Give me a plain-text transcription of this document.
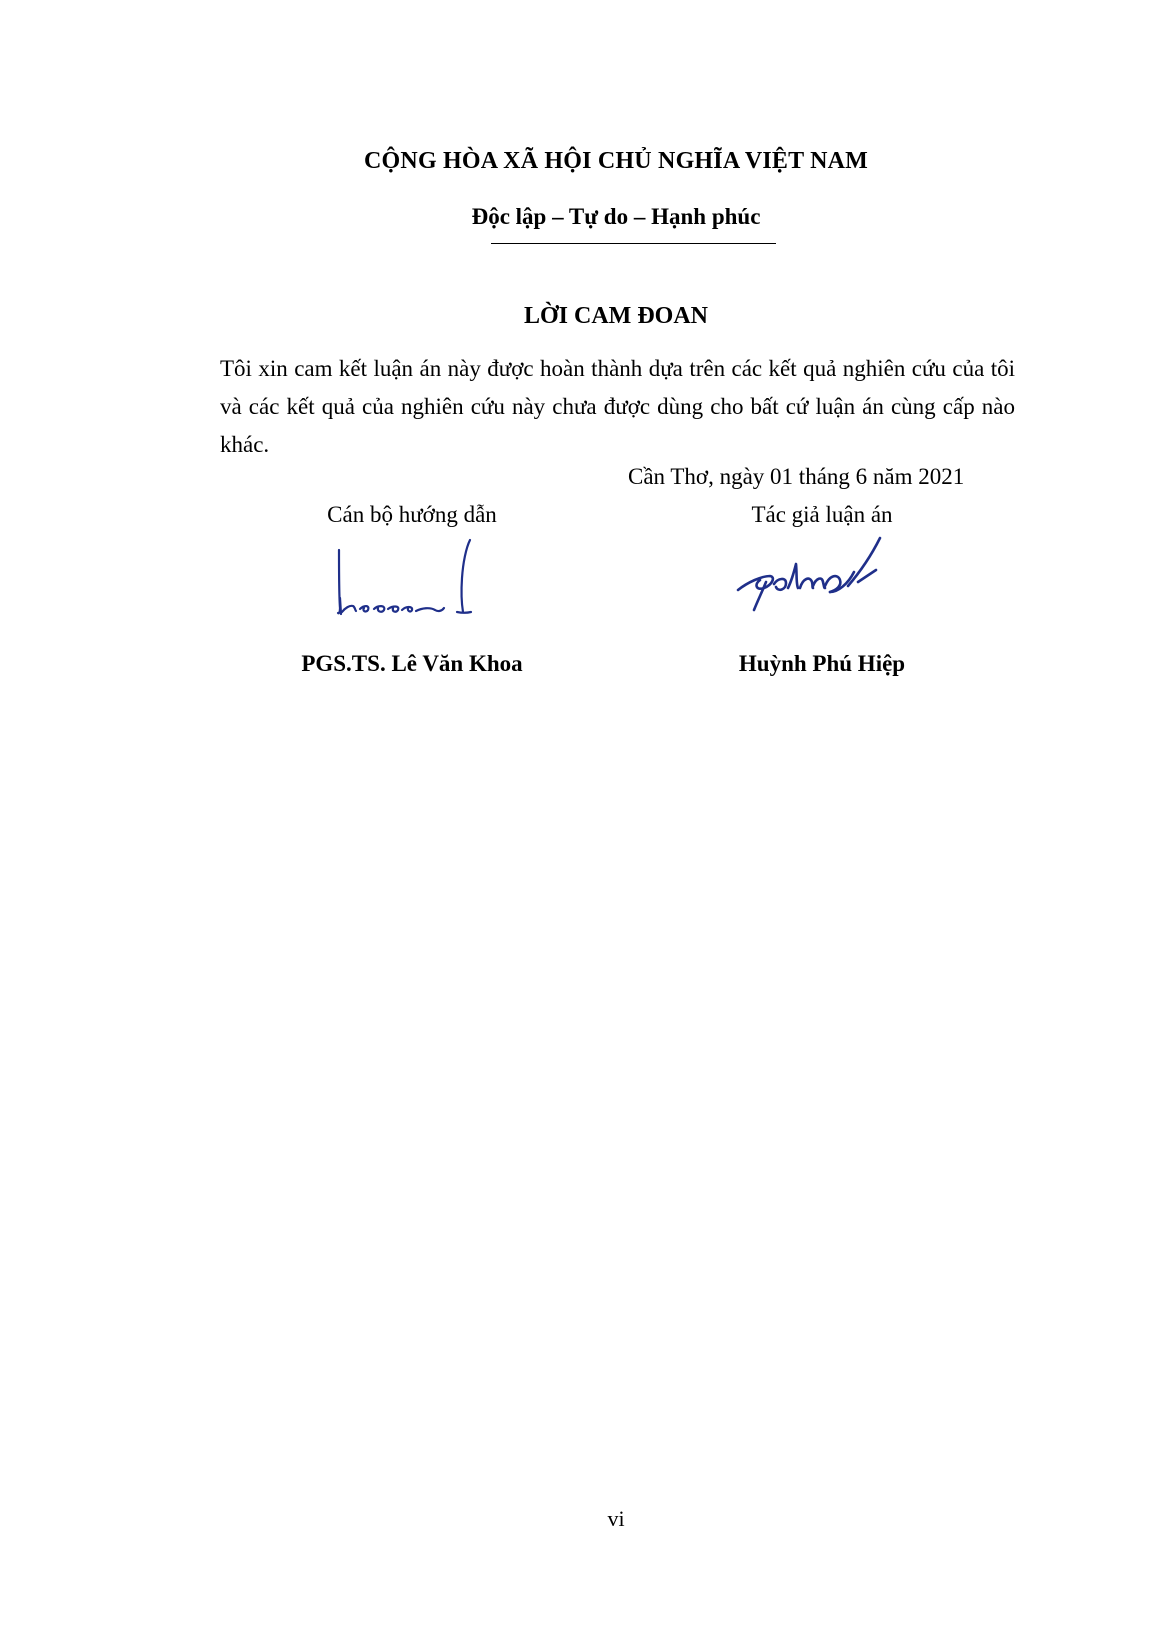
CỘNG HÒA XÃ HỘI CHỦ NGHĨA VIỆT NAM
Độc lập – Tự do – Hạnh phúc
LỜI CAM ĐOAN
Tôi xin cam kết luận án này được hoàn thành dựa trên các kết quả nghiên cứu của tôi và các kết quả của nghiên cứu này chưa được dùng cho bất cứ luận án cùng cấp nào khác.
Cần Thơ, ngày 01 tháng 6 năm 2021
Cán bộ hướng dẫn	Tác giả luận án
PGS.TS. Lê Văn Khoa	Huỳnh Phú Hiệp
vi
